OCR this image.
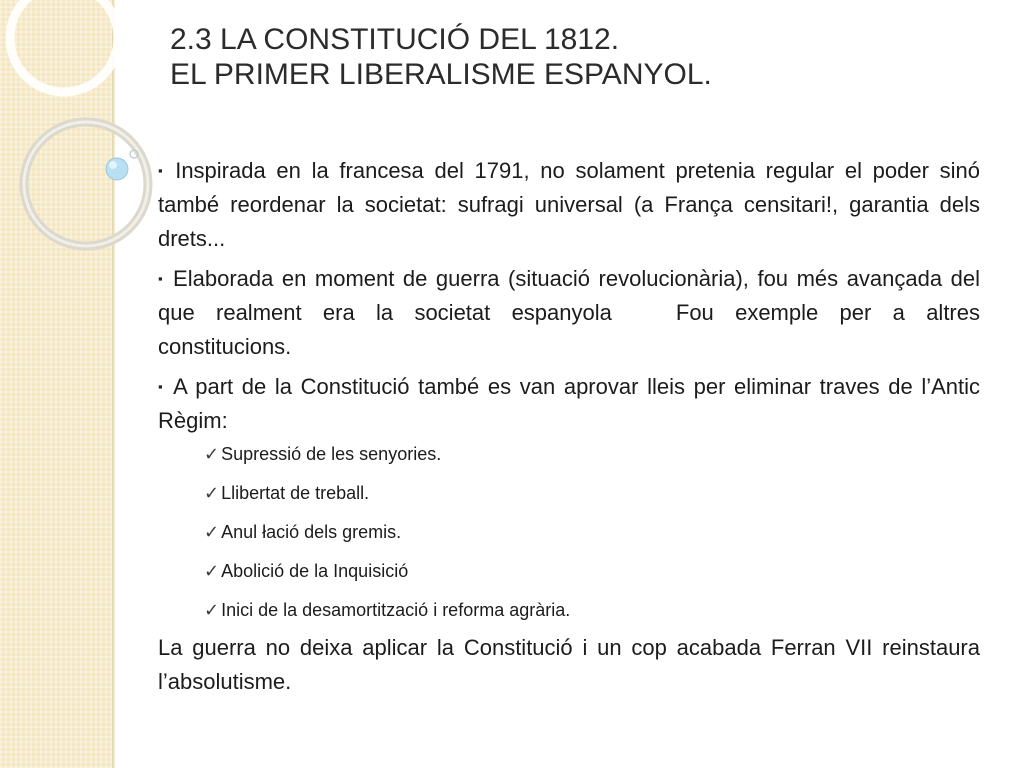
2.3 LA CONSTITUCIÓ DEL 1812.
EL PRIMER LIBERALISME ESPANYOL.

▪ Inspirada en la francesa del 1791, no solament pretenia regular el poder sinó també reordenar la societat: sufragi universal (a França censitari!, garantia dels drets...

▪ Elaborada en moment de guerra (situació revolucionària), fou més avançada del que realment era la societat espanyola	Fou exemple per a altres constitucions.

▪ A part de la Constitució també es van aprovar lleis per eliminar traves de l’Antic Règim:

✓ Supressió de les senyories.
✓ Llibertat de treball.
✓ Anul łació dels gremis.
✓ Abolició de la Inquisició
✓ Inici de la desamortització i reforma agrària.

La guerra no deixa aplicar la Constitució i un cop acabada Ferran VII reinstaura l’absolutisme.
